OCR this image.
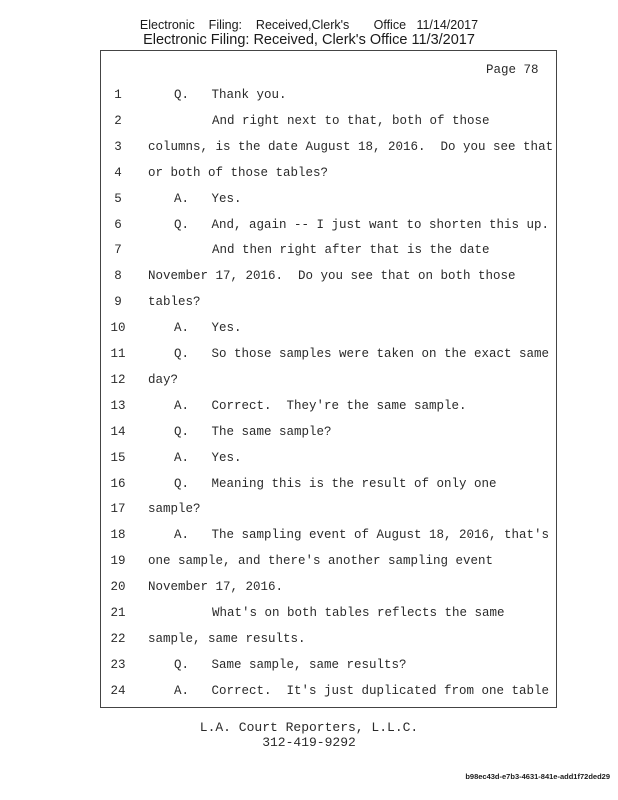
Electronic    Filing:    Received,Clerk's       Office   11/14/2017
Electronic Filing: Received, Clerk's Office 11/3/2017
Page 78
1	Q.   Thank you.
2	And right next to that, both of those
3	columns, is the date August 18, 2016.  Do you see that
4	or both of those tables?
5	A.   Yes.
6	Q.   And, again -- I just want to shorten this up.
7	And then right after that is the date
8	November 17, 2016.  Do you see that on both those
9	tables?
10	A.   Yes.
11	Q.   So those samples were taken on the exact same
12	day?
13	A.   Correct.  They're the same sample.
14	Q.   The same sample?
15	A.   Yes.
16	Q.   Meaning this is the result of only one
17	sample?
18	A.   The sampling event of August 18, 2016, that's
19	one sample, and there's another sampling event
20	November 17, 2016.
21	What's on both tables reflects the same
22	sample, same results.
23	Q.   Same sample, same results?
24	A.   Correct.  It's just duplicated from one table
L.A. Court Reporters, L.L.C.
312-419-9292
b98ec43d-e7b3-4631-841e-add1f72ded29
